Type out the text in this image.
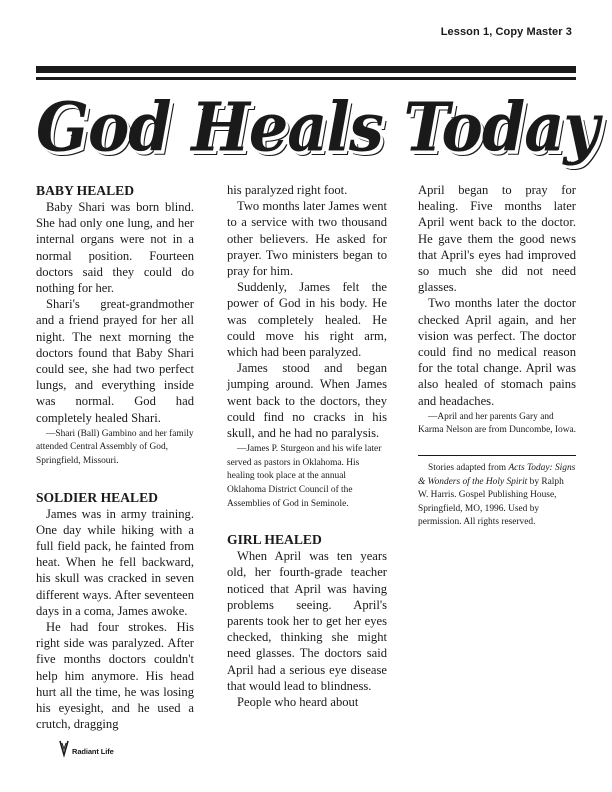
Lesson 1, Copy Master 3
God Heals Today
BABY HEALED

Baby Shari was born blind. She had only one lung, and her internal organs were not in a normal position. Fourteen doctors said they could do nothing for her.

Shari's great-grandmother and a friend prayed for her all night. The next morning the doctors found that Baby Shari could see, she had two perfect lungs, and everything inside was normal. God had completely healed Shari.

—Shari (Ball) Gambino and her family attended Central Assembly of God, Springfield, Missouri.

SOLDIER HEALED

James was in army training. One day while hiking with a full field pack, he fainted from heat. When he fell backward, his skull was cracked in seven different ways. After seventeen days in a coma, James awoke.

He had four strokes. His right side was paralyzed. After five months doctors couldn't help him anymore. His head hurt all the time, he was losing his eyesight, and he used a crutch, dragging

his paralyzed right foot.

Two months later James went to a service with two thousand other believers. He asked for prayer. Two ministers began to pray for him.

Suddenly, James felt the power of God in his body. He was completely healed. He could move his right arm, which had been paralyzed.

James stood and began jumping around. When James went back to the doctors, they could find no cracks in his skull, and he had no paralysis.

—James P. Sturgeon and his wife later served as pastors in Oklahoma. His healing took place at the annual Oklahoma District Council of the Assemblies of God in Seminole.

GIRL HEALED

When April was ten years old, her fourth-grade teacher noticed that April was having problems seeing. April's parents took her to get her eyes checked, thinking she might need glasses. The doctors said April had a serious eye disease that would lead to blindness.

People who heard about

April began to pray for healing. Five months later April went back to the doctor. He gave them the good news that April's eyes had improved so much she did not need glasses.

Two months later the doctor checked April again, and her vision was perfect. The doctor could find no medical reason for the total change. April was also healed of stomach pains and headaches.

—April and her parents Gary and Karma Nelson are from Duncombe, Iowa.

Stories adapted from Acts Today: Signs & Wonders of the Holy Spirit by Ralph W. Harris. Gospel Publishing House, Springfield, MO, 1996. Used by permission. All rights reserved.

Radiant Life
